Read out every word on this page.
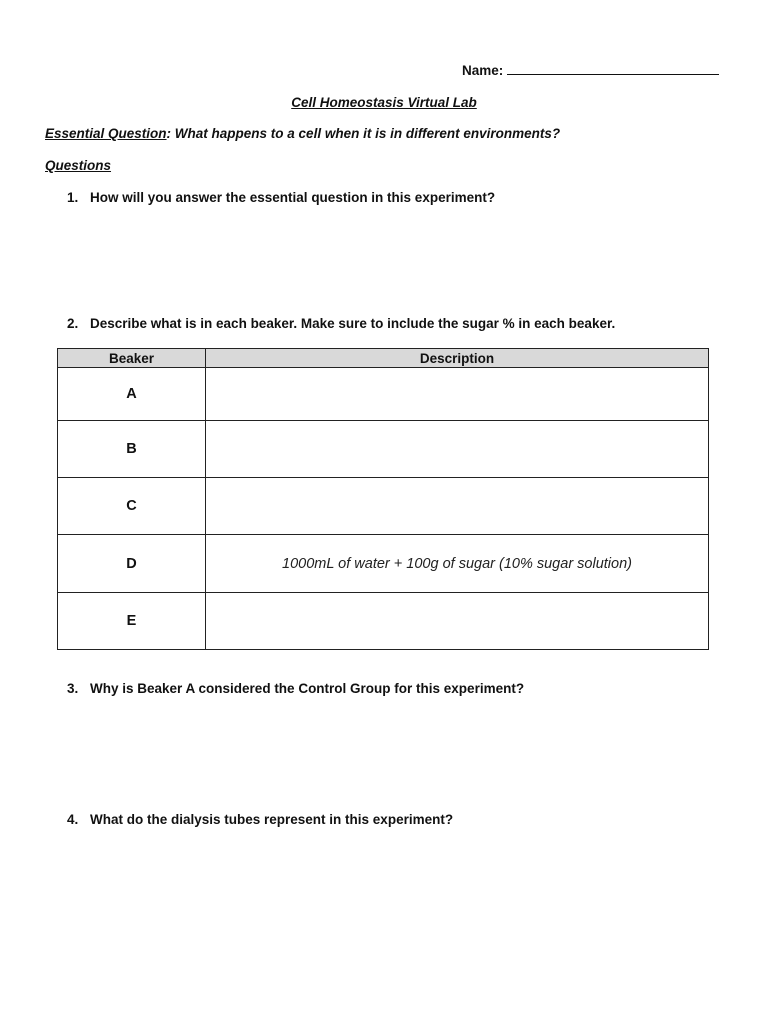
Name:
Cell Homeostasis Virtual Lab
Essential Question: What happens to a cell when it is in different environments?
Questions
1. How will you answer the essential question in this experiment?
2. Describe what is in each beaker. Make sure to include the sugar % in each beaker.
Beaker	Description
A	
B	
C	
D	1000mL of water + 100g of sugar (10% sugar solution)
E	
3. Why is Beaker A considered the Control Group for this experiment?
4. What do the dialysis tubes represent in this experiment?
